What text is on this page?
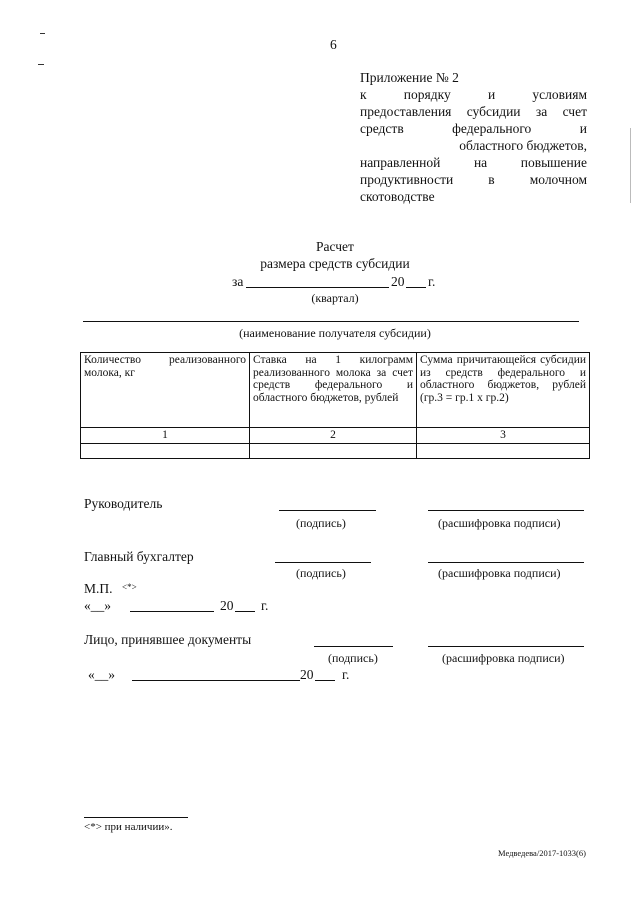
6
Приложение № 2
к порядку и условиям
предоставления субсидии за счет
средств федерального и
областного бюджетов,
направленной на повышение
продуктивности в молочном
скотоводстве
Расчет
размера средств субсидии
за	20 г.
(квартал)
(наименование получателя субсидии)
Количество реализованного молока, кг	Ставка на 1 килограмм реализованного молока за счет средств федерального и областного бюджетов, рублей	Сумма причитающейся субсидии из средств федерального и областного бюджетов, рублей (гр.3 = гр.1 х гр.2)
1	2	3

Руководитель
(подпись)	(расшифровка подписи)
Главный бухгалтер
(подпись)	(расшифровка подписи)
М.П. <*>
«__»	20 г.
Лицо, принявшее документы
(подпись)	(расшифровка подписи)
«__»	20 г.
<*> при наличии».
Медведева/2017-1033(6)
